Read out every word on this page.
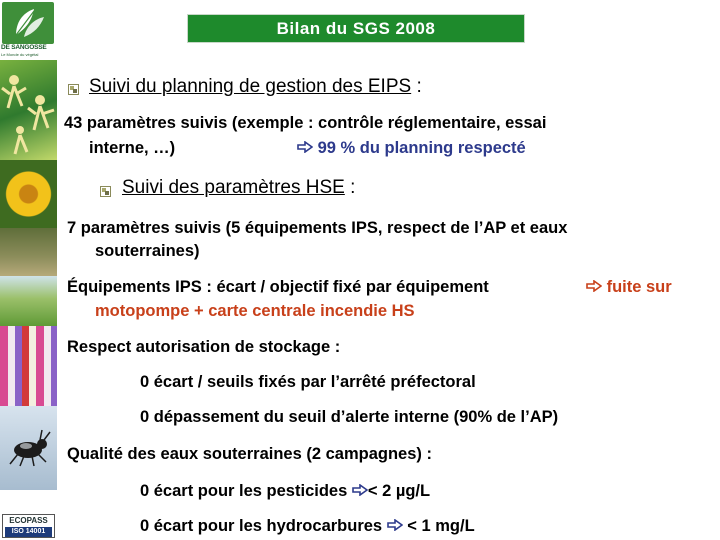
DE SANGOSSE
Le Monde du végétal
ECOPASS
ISO 14001
Bilan du SGS 2008
Suivi du planning de gestion des EIPS :
43 paramètres suivis (exemple : contrôle réglementaire, essai
interne, …)	99 % du planning respecté
Suivi des paramètres HSE :
7 paramètres suivis (5 équipements IPS, respect de l’AP et eaux
souterraines)
Équipements IPS : écart / objectif fixé par équipement	fuite sur
motopompe + carte centrale incendie HS
Respect autorisation de stockage :
0 écart / seuils fixés par l’arrêté préfectoral
0 dépassement du seuil d’alerte interne (90% de l’AP)
Qualité des eaux souterraines (2 campagnes) :
0 écart pour les pesticides < 2 µg/L
0 écart pour les hydrocarbures  < 1 mg/L
